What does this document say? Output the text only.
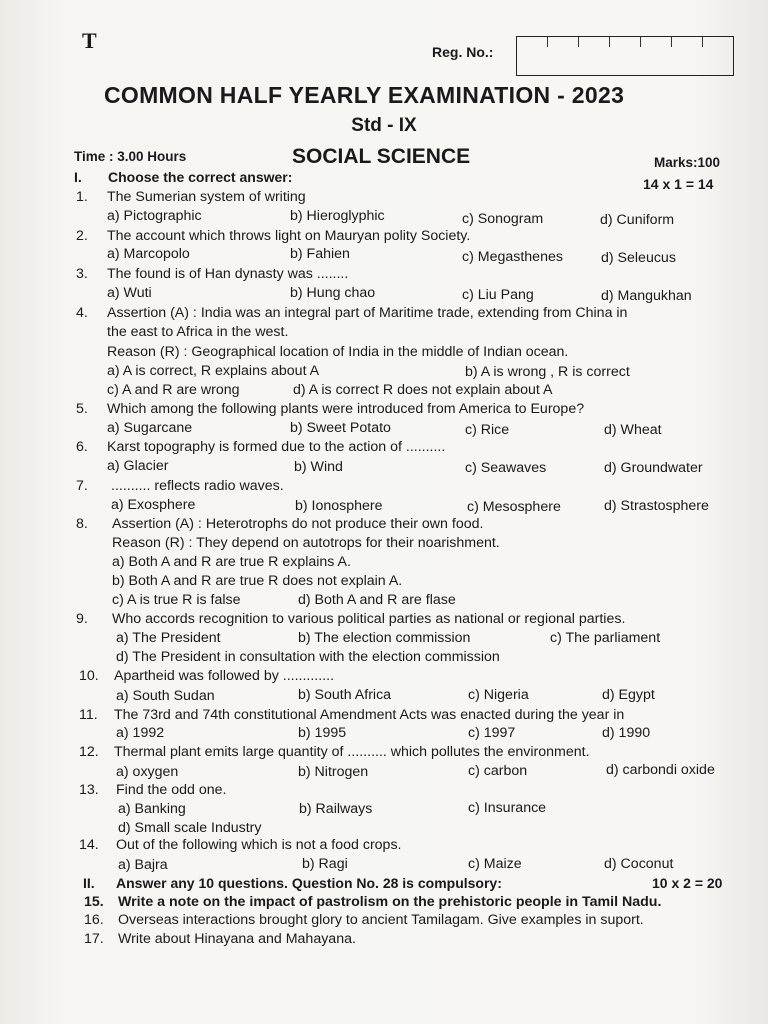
T	Reg. No.:
COMMON HALF YEARLY EXAMINATION - 2023
Std - IX
Time : 3.00 Hours	SOCIAL SCIENCE	Marks:100
I. Choose the correct answer:	14 x 1 = 14
1. The Sumerian system of writing
a) Pictographic	b) Hieroglyphic	c) Sonogram	d) Cuniform
2. The account which throws light on Mauryan polity Society.
a) Marcopolo	b) Fahien	c) Megasthenes	d) Seleucus
3. The found is of Han dynasty was ........
a) Wuti	b) Hung chao	c) Liu Pang	d) Mangukhan
4. Assertion (A) : India was an integral part of Maritime trade, extending from China in
the east to Africa in the west.
Reason (R) : Geographical location of India in the middle of Indian ocean.
a) A is correct, R explains about A	b) A is wrong , R is correct
c) A and R are wrong	d) A is correct R does not explain about A
5. Which among the following plants were introduced from America to Europe?
a) Sugarcane	b) Sweet Potato	c) Rice	d) Wheat
6. Karst topography is formed due to the action of ..........
a) Glacier	b) Wind	c) Seawaves	d) Groundwater
7. .......... reflects radio waves.
a) Exosphere	b) Ionosphere	c) Mesosphere	d) Strastosphere
8. Assertion (A) : Heterotrophs do not produce their own food.
Reason (R) : They depend on autotrops for their noarishment.
a) Both A and R are true R explains A.
b) Both A and R are true R does not explain A.
c) A is true R is false	d) Both A and R are flase
9. Who accords recognition to various political parties as national or regional parties.
a) The President	b) The election commission	c) The parliament
d) The President in consultation with the election commission
10. Apartheid was followed by .............
a) South Sudan	b) South Africa	c) Nigeria	d) Egypt
11. The 73rd and 74th constitutional Amendment Acts was enacted during the year in
a) 1992	b) 1995	c) 1997	d) 1990
12. Thermal plant emits large quantity of .......... which pollutes the environment.
a) oxygen	b) Nitrogen	c) carbon	d) carbondi oxide
13. Find the odd one.
a) Banking	b) Railways	c) Insurance
d) Small scale Industry
14. Out of the following which is not a food crops.
a) Bajra	b) Ragi	c) Maize	d) Coconut
II. Answer any 10 questions. Question No. 28 is compulsory:	10 x 2 = 20
15. Write a note on the impact of pastrolism on the prehistoric people in Tamil Nadu.
16. Overseas interactions brought glory to ancient Tamilagam. Give examples in suport.
17. Write about Hinayana and Mahayana.
